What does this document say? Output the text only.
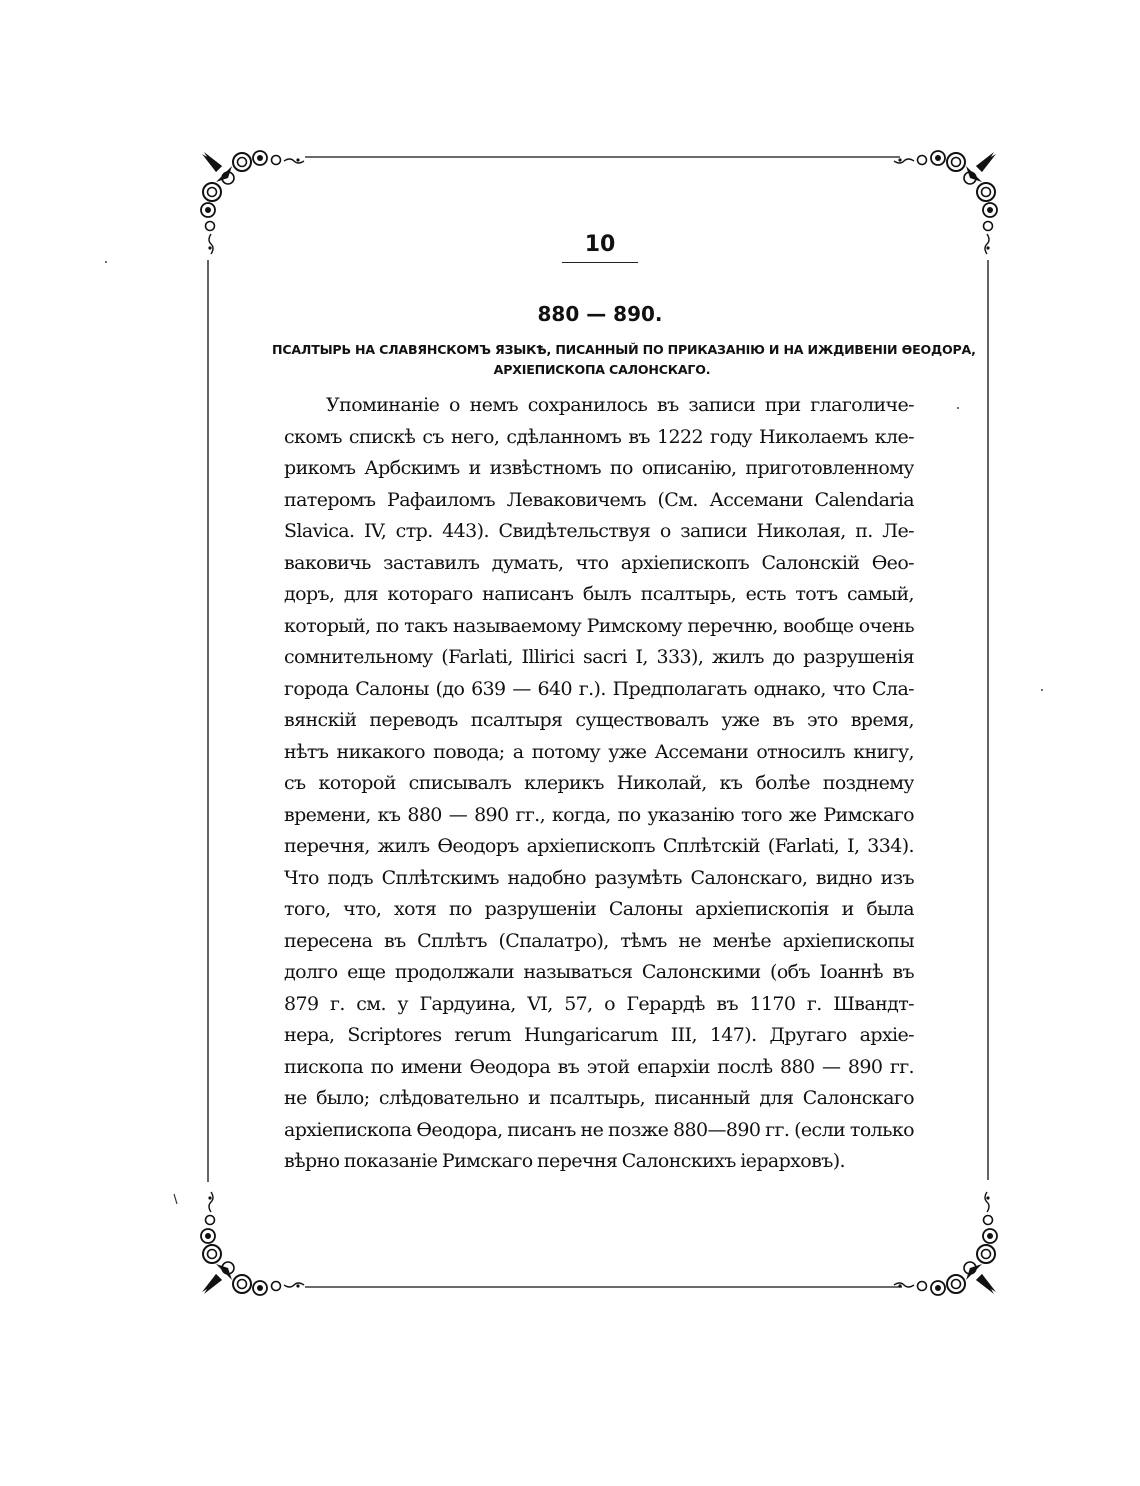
10
880 — 890.
ПСАЛТЫРЬ НА СЛАВЯНСКОМЪ ЯЗЫКѢ, ПИСАННЫЙ ПО ПРИКАЗАНІЮ И НА ИЖДИВЕНІИ ѲЕОДОРА,
АРХІЕПИСКОПА САЛОНСКАГО.
Упоминаніе о немъ сохранилось въ записи при глаголиче-
скомъ спискѣ съ него, сдѣланномъ въ 1222 году Николаемъ кле-
рикомъ Арбскимъ и извѣстномъ по описанію, приготовленному
патеромъ Рафаиломъ Леваковичемъ (См. Ассемани Calendaria
Slavica. IV, стр. 443). Свидѣтельствуя о записи Николая, п. Ле-
ваковичь заставилъ думать, что архіепископъ Салонскій Ѳео-
доръ, для котораго написанъ былъ псалтырь, есть тотъ самый,
который, по такъ называемому Римскому перечню, вообще очень
сомнительному (Farlati, Illirici sacri I, 333), жилъ до разрушенія
города Салоны (до 639 — 640 г.). Предполагать однако, что Сла-
вянскій переводъ псалтыря существовалъ уже въ это время,
нѣтъ никакого повода; а потому уже Ассемани относилъ книгу,
съ которой списывалъ клерикъ Николай, къ болѣе позднему
времени, къ 880 — 890 гг., когда, по указанію того же Римскаго
перечня, жилъ Ѳеодоръ архіепископъ Сплѣтскій (Farlati, I, 334).
Что подъ Сплѣтскимъ надобно разумѣть Салонскаго, видно изъ
того, что, хотя по разрушеніи Салоны архіепископія и была
пересена въ Сплѣтъ (Спалатро), тѣмъ не менѣе архіепископы
долго еще продолжали называться Салонскими (объ Іоаннѣ въ
879 г. см. у Гардуина, VI, 57, о Герардѣ въ 1170 г. Швандт-
нера, Scriptores rerum Hungaricarum III, 147). Другаго архіе-
пископа по имени Ѳеодора въ этой епархіи послѣ 880 — 890 гг.
не было; слѣдовательно и псалтырь, писанный для Салонскаго
архіепископа Ѳеодора, писанъ не позже 880—890 гг. (если только
вѣрно показаніе Римскаго перечня Салонскихъ іерарховъ).
